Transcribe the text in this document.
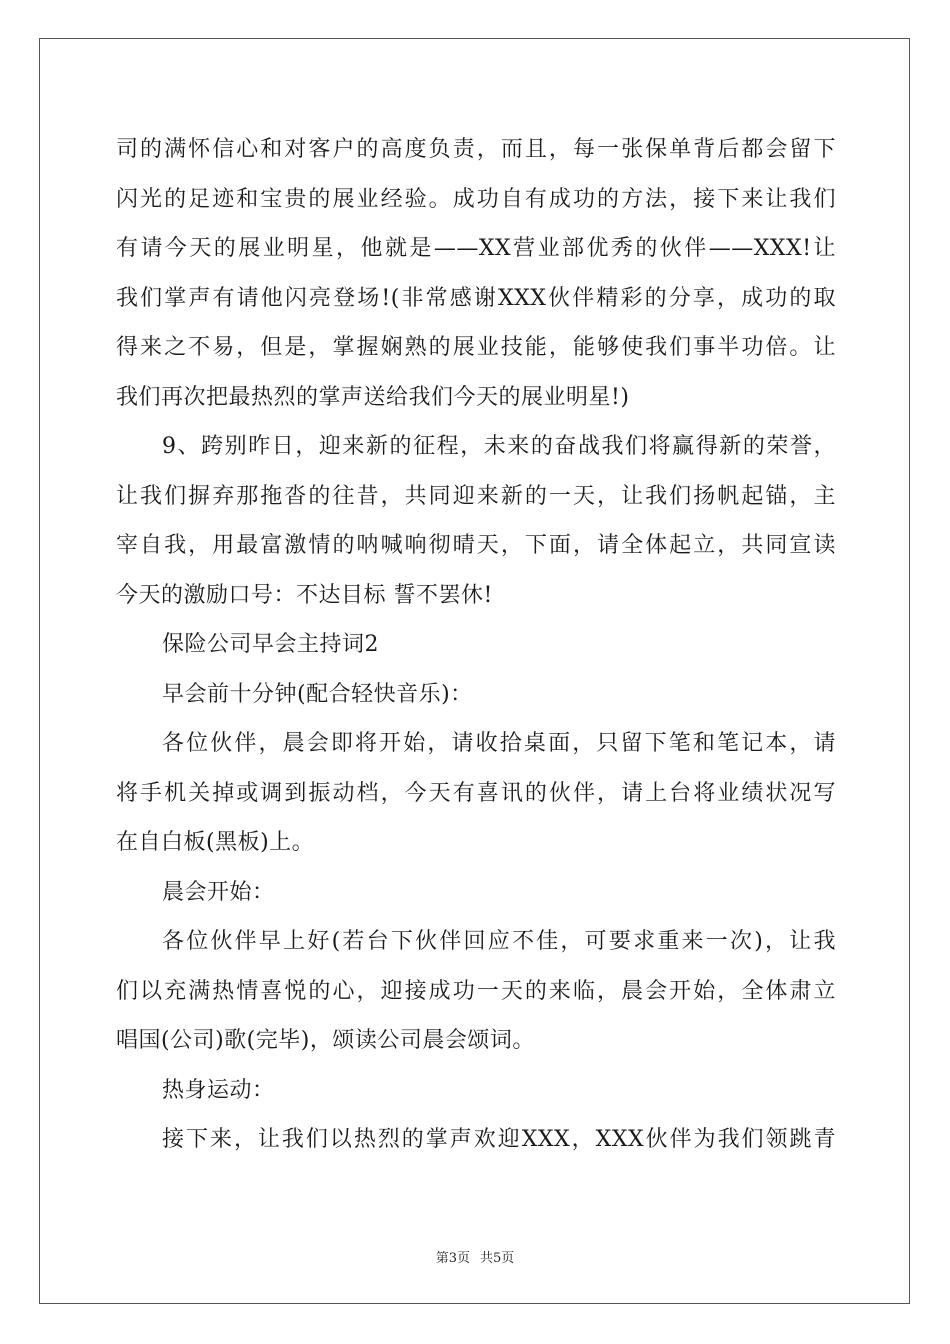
司的满怀信心和对客户的高度负责，而且，每一张保单背后都会留下
闪光的足迹和宝贵的展业经验。成功自有成功的方法，接下来让我们
有请今天的展业明星，他就是——XX营业部优秀的伙伴——XXX!让
我们掌声有请他闪亮登场!(非常感谢XXX伙伴精彩的分享，成功的取
得来之不易，但是，掌握娴熟的展业技能，能够使我们事半功倍。让
我们再次把最热烈的掌声送给我们今天的展业明星!)
9、跨别昨日，迎来新的征程，未来的奋战我们将赢得新的荣誉，
让我们摒弃那拖沓的往昔，共同迎来新的一天，让我们扬帆起锚，主
宰自我，用最富激情的呐喊响彻晴天，下面，请全体起立，共同宣读
今天的激励口号：不达目标 誓不罢休!
保险公司早会主持词2
早会前十分钟(配合轻快音乐)：
各位伙伴，晨会即将开始，请收拾桌面，只留下笔和笔记本，请
将手机关掉或调到振动档，今天有喜讯的伙伴，请上台将业绩状况写
在自白板(黑板)上。
晨会开始：
各位伙伴早上好(若台下伙伴回应不佳，可要求重来一次)，让我
们以充满热情喜悦的心，迎接成功一天的来临，晨会开始，全体肃立
唱国(公司)歌(完毕)，颂读公司晨会颂词。
热身运动：
接下来，让我们以热烈的掌声欢迎XXX，XXX伙伴为我们领跳青
第3页 共5页
